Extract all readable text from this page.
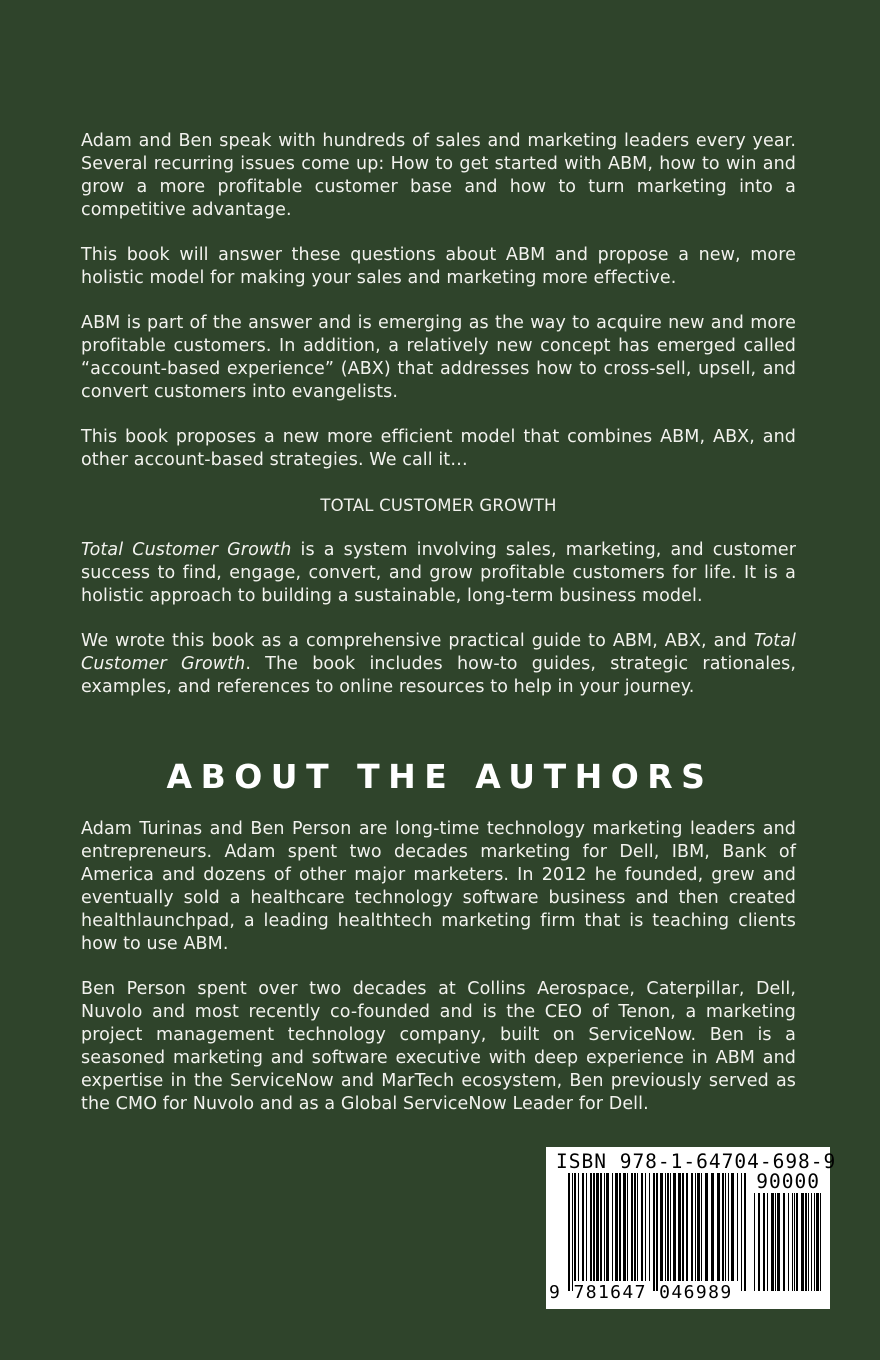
Adam and Ben speak with hundreds of sales and marketing leaders every year. Several recurring issues come up: How to get started with ABM, how to win and grow a more profitable customer base and how to turn marketing into a competitive advantage.

This book will answer these questions about ABM and propose a new, more holistic model for making your sales and marketing more effective.

ABM is part of the answer and is emerging as the way to acquire new and more profitable customers. In addition, a relatively new concept has emerged called “account-based experience” (ABX) that addresses how to cross-sell, upsell, and convert customers into evangelists.

This book proposes a new more efficient model that combines ABM, ABX, and other account-based strategies. We call it…

TOTAL CUSTOMER GROWTH

Total Customer Growth is a system involving sales, marketing, and customer success to find, engage, convert, and grow profitable customers for life. It is a holistic approach to building a sustainable, long-term business model.

We wrote this book as a comprehensive practical guide to ABM, ABX, and Total Customer Growth. The book includes how-to guides, strategic rationales, examples, and references to online resources to help in your journey.

ABOUT THE AUTHORS

Adam Turinas and Ben Person are long-time technology marketing leaders and entrepreneurs. Adam spent two decades marketing for Dell, IBM, Bank of America and dozens of other major marketers. In 2012 he founded, grew and eventually sold a healthcare technology software business and then created healthlaunchpad, a leading healthtech marketing firm that is teaching clients how to use ABM.

Ben Person spent over two decades at Collins Aerospace, Caterpillar, Dell, Nuvolo and most recently co-founded and is the CEO of Tenon, a marketing project management technology company, built on ServiceNow. Ben is a seasoned marketing and software executive with deep experience in ABM and expertise in the ServiceNow and MarTech ecosystem, Ben previously served as the CMO for Nuvolo and as a Global ServiceNow Leader for Dell.

ISBN 978-1-64704-698-9
90000
9 781647 046989
